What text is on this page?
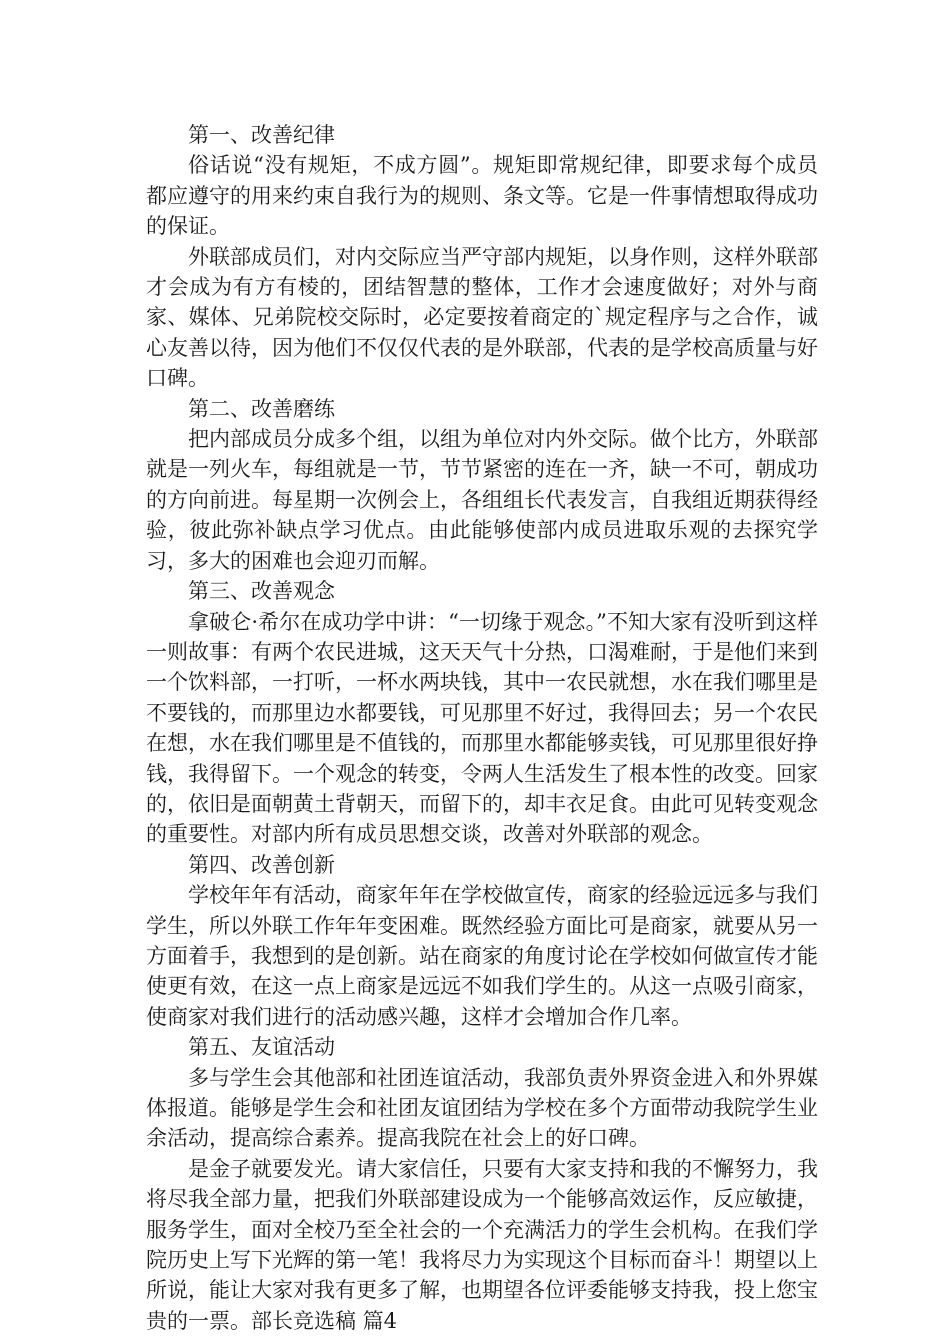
第一、改善纪律

俗话说“没有规矩，不成方圆”。规矩即常规纪律，即要求每个成员都应遵守的用来约束自我行为的规则、条文等。它是一件事情想取得成功的保证。

外联部成员们，对内交际应当严守部内规矩，以身作则，这样外联部才会成为有方有棱的，团结智慧的整体，工作才会速度做好；对外与商家、媒体、兄弟院校交际时，必定要按着商定的`规定程序与之合作，诚心友善以待，因为他们不仅仅代表的是外联部，代表的是学校高质量与好口碑。

第二、改善磨练

把内部成员分成多个组，以组为单位对内外交际。做个比方，外联部就是一列火车，每组就是一节，节节紧密的连在一齐，缺一不可，朝成功的方向前进。每星期一次例会上，各组组长代表发言，自我组近期获得经验，彼此弥补缺点学习优点。由此能够使部内成员进取乐观的去探究学习，多大的困难也会迎刃而解。

第三、改善观念

拿破仑·希尔在成功学中讲：“一切缘于观念。”不知大家有没听到这样一则故事：有两个农民进城，这天天气十分热，口渴难耐，于是他们来到一个饮料部，一打听，一杯水两块钱，其中一农民就想，水在我们哪里是不要钱的，而那里边水都要钱，可见那里不好过，我得回去；另一个农民在想，水在我们哪里是不值钱的，而那里水都能够卖钱，可见那里很好挣钱，我得留下。一个观念的转变，令两人生活发生了根本性的改变。回家的，依旧是面朝黄土背朝天，而留下的，却丰衣足食。由此可见转变观念的重要性。对部内所有成员思想交谈，改善对外联部的观念。

第四、改善创新

学校年年有活动，商家年年在学校做宣传，商家的经验远远多与我们学生，所以外联工作年年变困难。既然经验方面比可是商家，就要从另一方面着手，我想到的是创新。站在商家的角度讨论在学校如何做宣传才能使更有效，在这一点上商家是远远不如我们学生的。从这一点吸引商家，使商家对我们进行的活动感兴趣，这样才会增加合作几率。

第五、友谊活动

多与学生会其他部和社团连谊活动，我部负责外界资金进入和外界媒体报道。能够是学生会和社团友谊团结为学校在多个方面带动我院学生业余活动，提高综合素养。提高我院在社会上的好口碑。

是金子就要发光。请大家信任，只要有大家支持和我的不懈努力，我将尽我全部力量，把我们外联部建设成为一个能够高效运作，反应敏捷，服务学生，面对全校乃至全社会的一个充满活力的学生会机构。在我们学院历史上写下光辉的第一笔！我将尽力为实现这个目标而奋斗！期望以上所说，能让大家对我有更多了解，也期望各位评委能够支持我，投上您宝贵的一票。部长竞选稿 篇4
